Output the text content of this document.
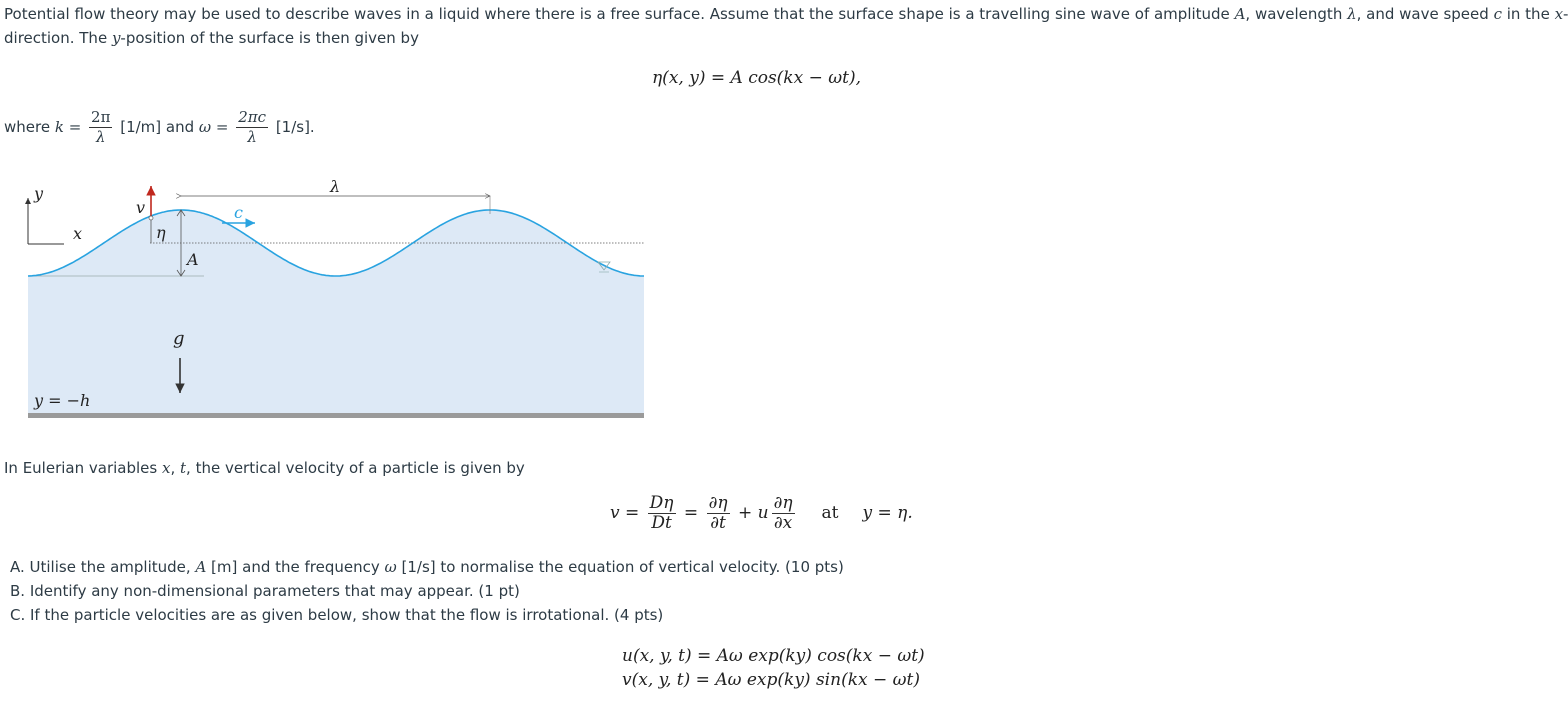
Potential flow theory may be used to describe waves in a liquid where there is a free surface. Assume that the surface shape is a travelling sine wave of amplitude A, wavelength λ, and wave speed c in the x-
direction. The y-position of the surface is then given by
η(x, y) = A cos(kx − ωt),
where $k = \frac{2\pi}{\lambda} [1/m]$ and $\omega = \frac{2\pi c}{\lambda} [1/s]$.
y
x
λ
A
η
v	c
g
y = −h
In Eulerian variables x, t, the vertical velocity of a particle is given by
$v = \frac{D\eta}{Dt} = \frac{\partial\eta}{\partial t} + u \frac{\partial\eta}{\partial x}$ at y = η.
A. Utilise the amplitude, A [m] and the frequency ω [1/s] to normalise the equation of vertical velocity. (10 pts)
B. Identify any non-dimensional parameters that may appear. (1 pt)
C. If the particle velocities are as given below, show that the flow is irrotational. (4 pts)
u(x, y, t) = Aω exp(ky) cos(kx − ωt)
v(x, y, t) = Aω exp(ky) sin(kx − ωt)
